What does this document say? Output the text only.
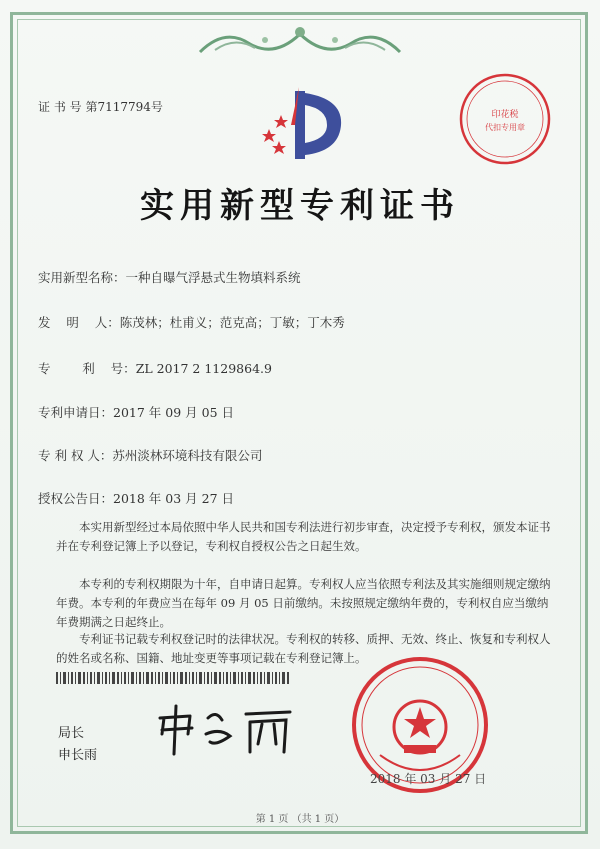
证 书 号 第7117794号
印花税
代扣专用章
实用新型专利证书
实用新型名称：一种自曝气浮悬式生物填料系统
发    明    人：陈茂林；杜甫义；范克高；丁敏；丁木秀
专        利    号：ZL 2017 2 1129864.9
专利申请日：2017 年 09 月 05 日
专 利 权 人：苏州淡林环境科技有限公司
授权公告日：2018 年 03 月 27 日
本实用新型经过本局依照中华人民共和国专利法进行初步审查，决定授予专利权，颁发本证书并在专利登记簿上予以登记，专利权自授权公告之日起生效。
本专利的专利权期限为十年，自申请日起算。专利权人应当依照专利法及其实施细则规定缴纳年费。本专利的年费应当在每年 09 月 05 日前缴纳。未按照规定缴纳年费的，专利权自应当缴纳年费期满之日起终止。
专利证书记载专利权登记时的法律状况。专利权的转移、质押、无效、终止、恢复和专利权人的姓名或名称、国籍、地址变更等事项记载在专利登记簿上。
局长
申长雨
2018 年 03 月 27 日
第 1 页 （共 1 页）
